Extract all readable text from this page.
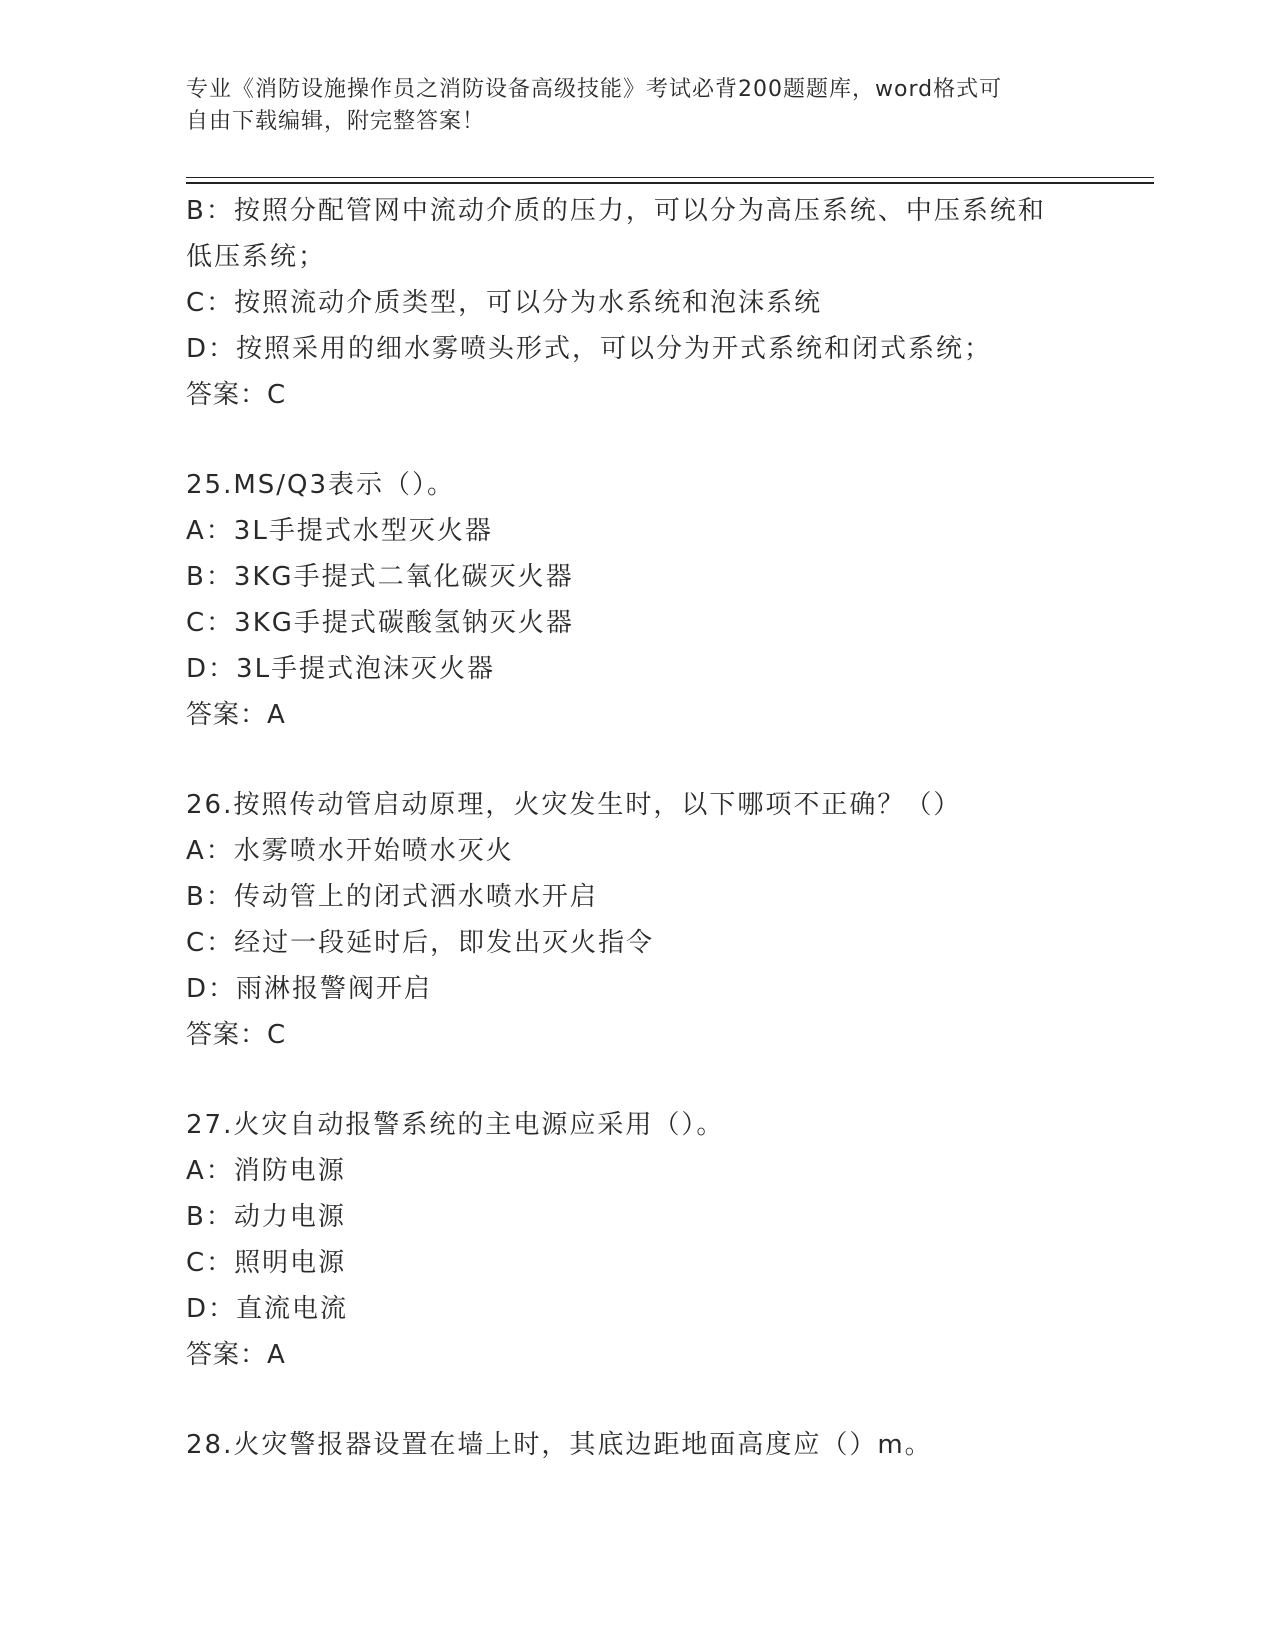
专业《消防设施操作员之消防设备高级技能》考试必背200题题库，word格式可
自由下载编辑，附完整答案！
B：按照分配管网中流动介质的压力，可以分为高压系统、中压系统和
低压系统；
C：按照流动介质类型，可以分为水系统和泡沫系统
D：按照采用的细水雾喷头形式，可以分为开式系统和闭式系统；
答案：C
25.MS/Q3表示（）。
A：3L手提式水型灭火器
B：3KG手提式二氧化碳灭火器
C：3KG手提式碳酸氢钠灭火器
D：3L手提式泡沫灭火器
答案：A
26.按照传动管启动原理，火灾发生时，以下哪项不正确？（）
A：水雾喷水开始喷水灭火
B：传动管上的闭式洒水喷水开启
C：经过一段延时后，即发出灭火指令
D：雨淋报警阀开启
答案：C
27.火灾自动报警系统的主电源应采用（）。
A：消防电源
B：动力电源
C：照明电源
D：直流电流
答案：A
28.火灾警报器设置在墙上时，其底边距地面高度应（）m。
